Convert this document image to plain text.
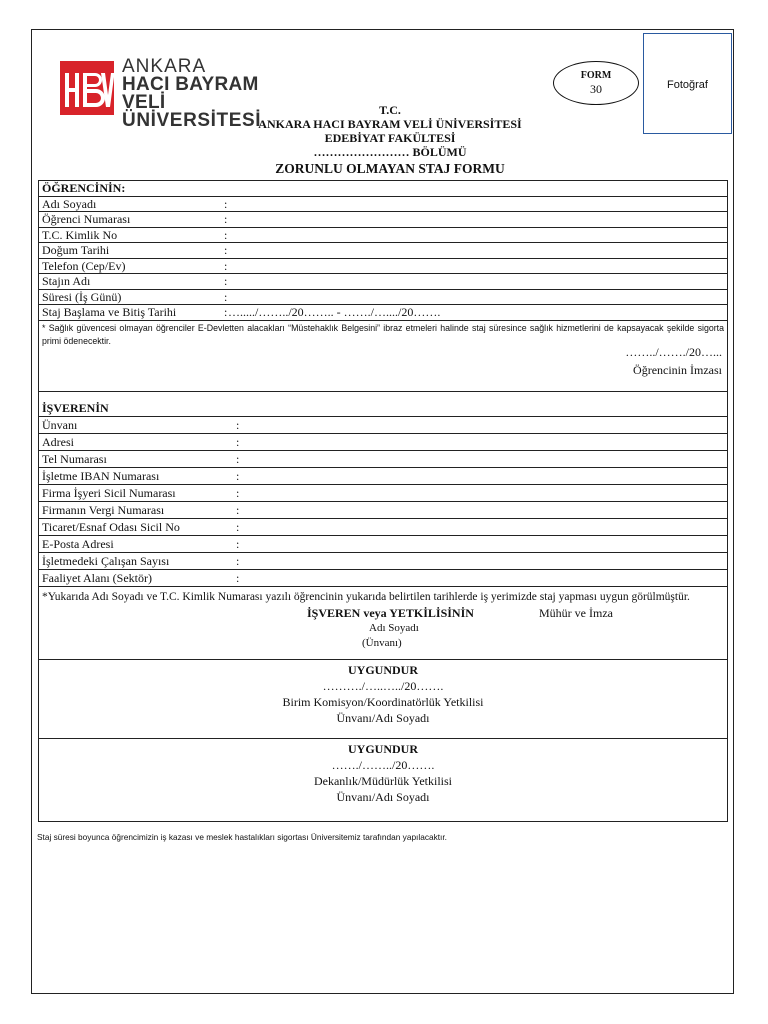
ANKARA
HACI BAYRAM VELİ
ÜNİVERSİTESİ
FORM
30	Fotoğraf
T.C.
ANKARA HACI BAYRAM VELİ ÜNİVERSİTESİ
EDEBİYAT FAKÜLTESİ
…………………… BÖLÜMÜ
ZORUNLU OLMAYAN STAJ FORMU
ÖĞRENCİNİN:
Adı Soyadı	:
Öğrenci Numarası	:
T.C. Kimlik No	:
Doğum Tarihi	:
Telefon (Cep/Ev)	:
Stajın Adı	:
Süresi (İş Günü)	:
Staj Başlama ve Bitiş Tarihi	: …...../……../20…….. - ……./…..../20…….
* Sağlık güvencesi olmayan öğrenciler E-Devletten alacakları “Müstehaklık Belgesini” ibraz etmeleri halinde staj süresince sağlık hizmetlerini de kapsayacak şekilde sigorta primi ödenecektir.
……../……./20…...
Öğrencinin İmzası
İŞVERENİN
Ünvanı	:
Adresi	:
Tel Numarası	:
İşletme IBAN Numarası	:
Firma İşyeri Sicil Numarası	:
Firmanın Vergi Numarası	:
Ticaret/Esnaf Odası Sicil No	:
E-Posta Adresi	:
İşletmedeki Çalışan Sayısı	:
Faaliyet Alanı (Sektör)	:
*Yukarıda Adı Soyadı ve T.C. Kimlik Numarası yazılı öğrencinin yukarıda belirtilen tarihlerde iş yerimizde staj yapması uygun görülmüştür.
İŞVEREN veya YETKİLİSİNİN	Mühür ve İmza
Adı Soyadı
(Ünvanı)
UYGUNDUR
………./…..…../20…….
Birim Komisyon/Koordinatörlük Yetkilisi
Ünvanı/Adı Soyadı
UYGUNDUR
……./……../20…….
Dekanlık/Müdürlük Yetkilisi
Ünvanı/Adı Soyadı
Staj süresi boyunca öğrencimizin iş kazası ve meslek hastalıkları sigortası Üniversitemiz tarafından yapılacaktır.
